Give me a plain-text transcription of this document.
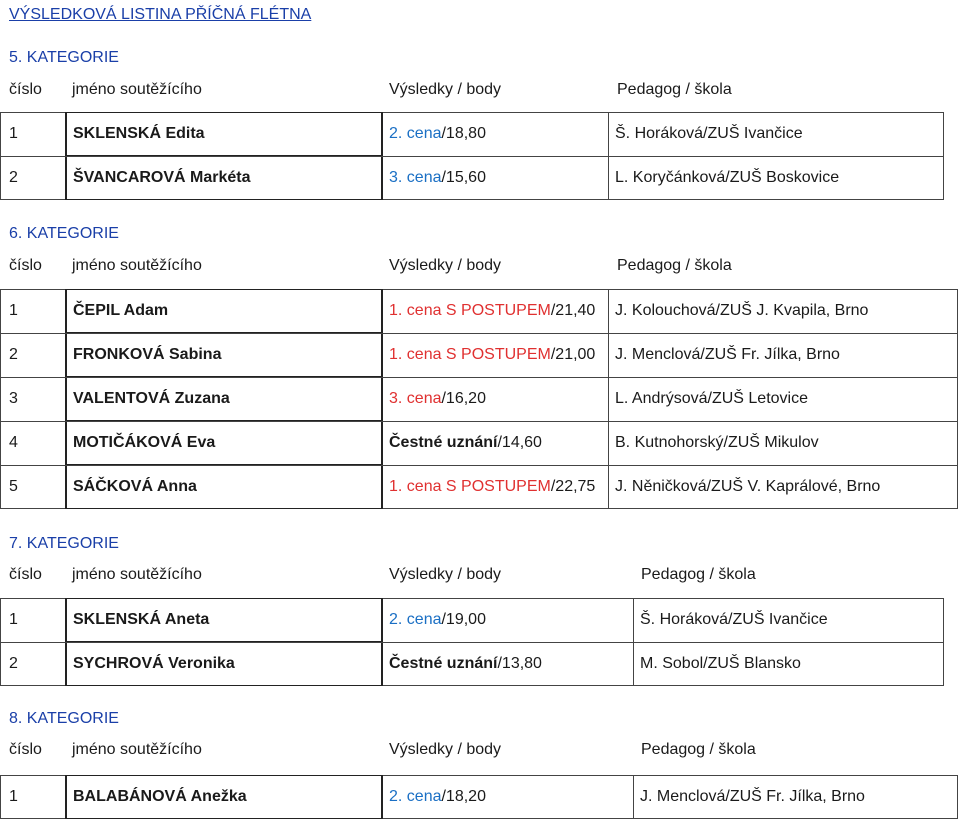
VÝSLEDKOVÁ LISTINA PŘÍČNÁ FLÉTNA
5. KATEGORIE
číslo jméno soutěžícího	Výsledky / body	Pedagog / škola
1	SKLENSKÁ Edita	2. cena /18,80	Š. Horáková/ZUŠ Ivančice
2	ŠVANCAROVÁ Markéta	3. cena /15,60	L. Koryčánková/ZUŠ Boskovice
6. KATEGORIE
číslo jméno soutěžícího	Výsledky / body	Pedagog / škola
1	ČEPIL Adam	1. cena S POSTUPEM /21,40	J. Kolouchová/ZUŠ J. Kvapila, Brno
2	FRONKOVÁ Sabina	1. cena S POSTUPEM /21,00	J. Menclová/ZUŠ Fr. Jílka, Brno
3	VALENTOVÁ Zuzana	3. cena /16,20	L. Andrýsová/ZUŠ Letovice
4	MOTIČÁKOVÁ Eva	Čestné uznání /14,60	B. Kutnohorský/ZUŠ Mikulov
5	SÁČKOVÁ Anna	1. cena S POSTUPEM /22,75	J. Něničková/ZUŠ V. Kaprálové, Brno
7. KATEGORIE
číslo jméno soutěžícího	Výsledky / body	Pedagog / škola
1	SKLENSKÁ Aneta	2. cena /19,00	Š. Horáková/ZUŠ Ivančice
2	SYCHROVÁ Veronika	Čestné uznání /13,80	M. Sobol/ZUŠ Blansko
8. KATEGORIE
číslo jméno soutěžícího	Výsledky / body	Pedagog / škola
1	BALABÁNOVÁ Anežka	2. cena /18,20	J. Menclová/ZUŠ Fr. Jílka, Brno
